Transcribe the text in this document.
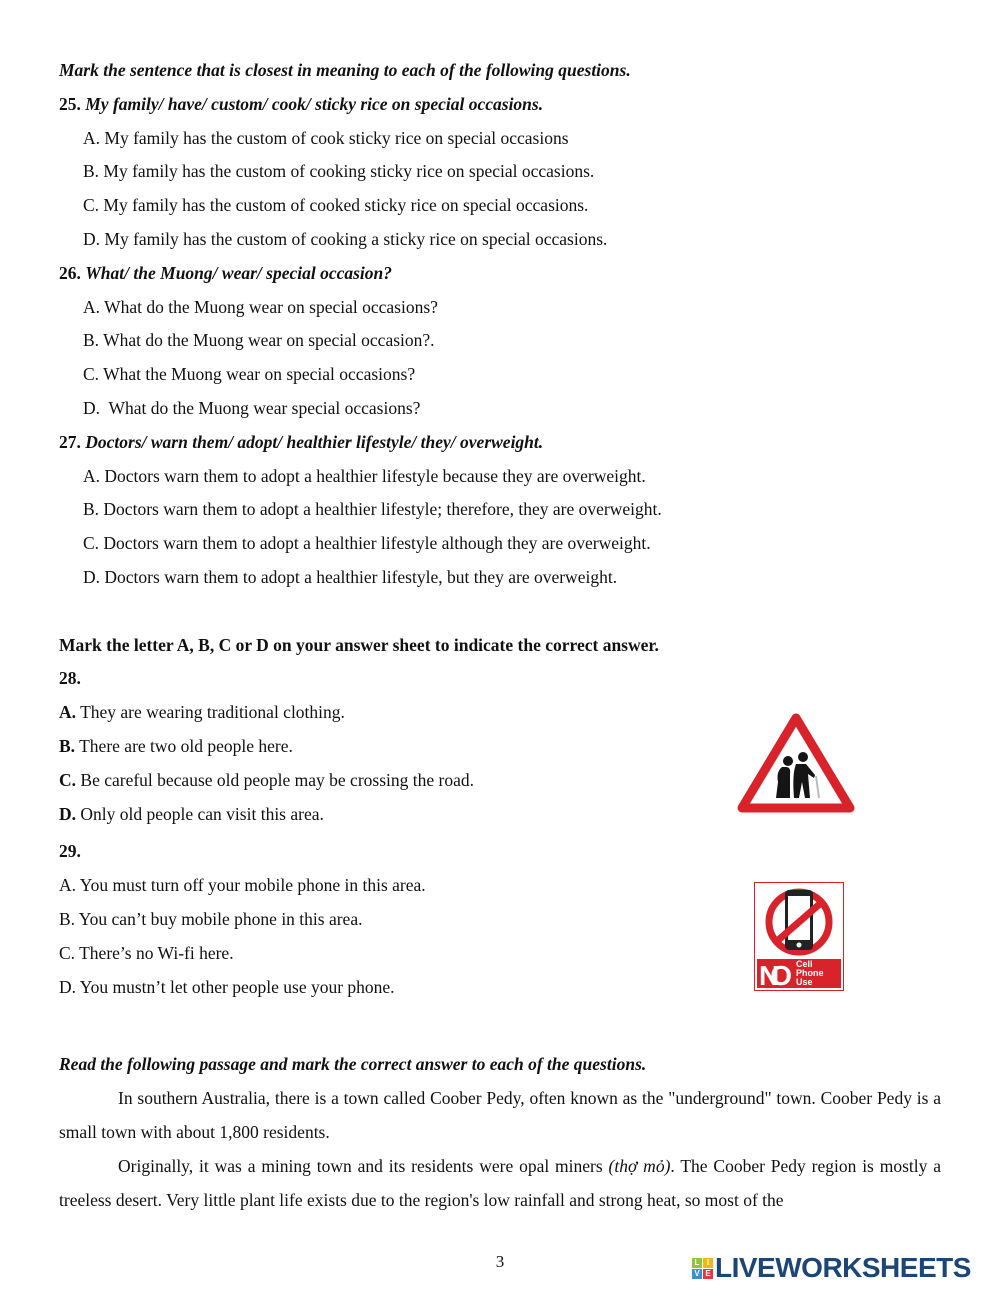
Mark the sentence that is closest in meaning to each of the following questions.
25. My family/ have/ custom/ cook/ sticky rice on special occasions.
A. My family has the custom of cook sticky rice on special occasions
B. My family has the custom of cooking sticky rice on special occasions.
C. My family has the custom of cooked sticky rice on special occasions.
D. My family has the custom of cooking a sticky rice on special occasions.
26. What/ the Muong/ wear/ special occasion?
A. What do the Muong wear on special occasions?
B. What do the Muong wear on special occasion?.
C. What the Muong wear on special occasions?
D.  What do the Muong wear special occasions?
27. Doctors/ warn them/ adopt/ healthier lifestyle/ they/ overweight.
A. Doctors warn them to adopt a healthier lifestyle because they are overweight.
B. Doctors warn them to adopt a healthier lifestyle; therefore, they are overweight.
C. Doctors warn them to adopt a healthier lifestyle although they are overweight.
D. Doctors warn them to adopt a healthier lifestyle, but they are overweight.
Mark the letter A, B, C or D on your answer sheet to indicate the correct answer.
28.
A. They are wearing traditional clothing.
B. There are two old people here.
C. Be careful because old people may be crossing the road.
D. Only old people can visit this area.
29.
A. You must turn off your mobile phone in this area.
B. You can’t buy mobile phone in this area.
C. There’s no Wi-fi here.
D. You mustn’t let other people use your phone.
Read the following passage and mark the correct answer to each of the questions.
In southern Australia, there is a town called Coober Pedy, often known as the "underground" town. Coober Pedy is a small town with about 1,800 residents.
Originally, it was a mining town and its residents were opal miners (thợ mỏ). The Coober Pedy region is mostly a treeless desert. Very little plant life exists due to the region's low rainfall and strong heat, so most of the
NO Cell
Phone
Use
3	L I
V E LIVEWORKSHEETS
